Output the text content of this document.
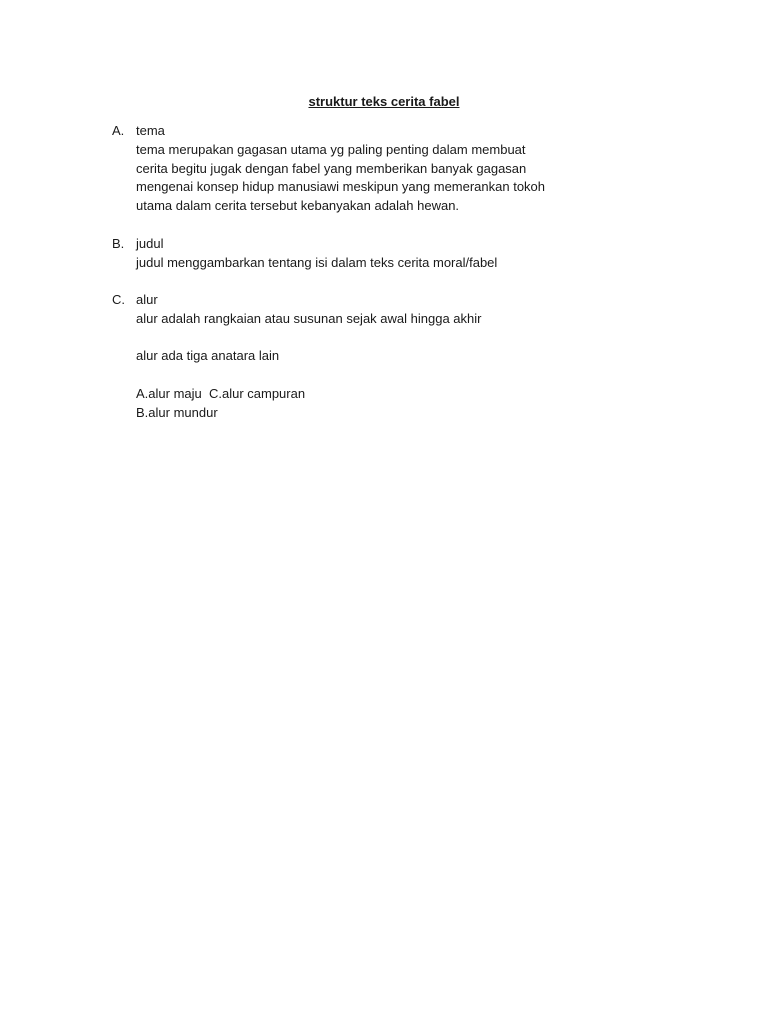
struktur teks cerita fabel
A. tema
tema merupakan gagasan utama yg paling penting dalam membuat
cerita begitu jugak dengan fabel yang memberikan banyak gagasan
mengenai konsep hidup manusiawi meskipun yang memerankan tokoh
utama dalam cerita tersebut kebanyakan adalah hewan.
B. judul
judul menggambarkan tentang isi dalam teks cerita moral/fabel
C. alur
alur adalah rangkaian atau susunan sejak awal hingga akhir
alur ada tiga anatara lain
A.alur maju  C.alur campuran
B.alur mundur
